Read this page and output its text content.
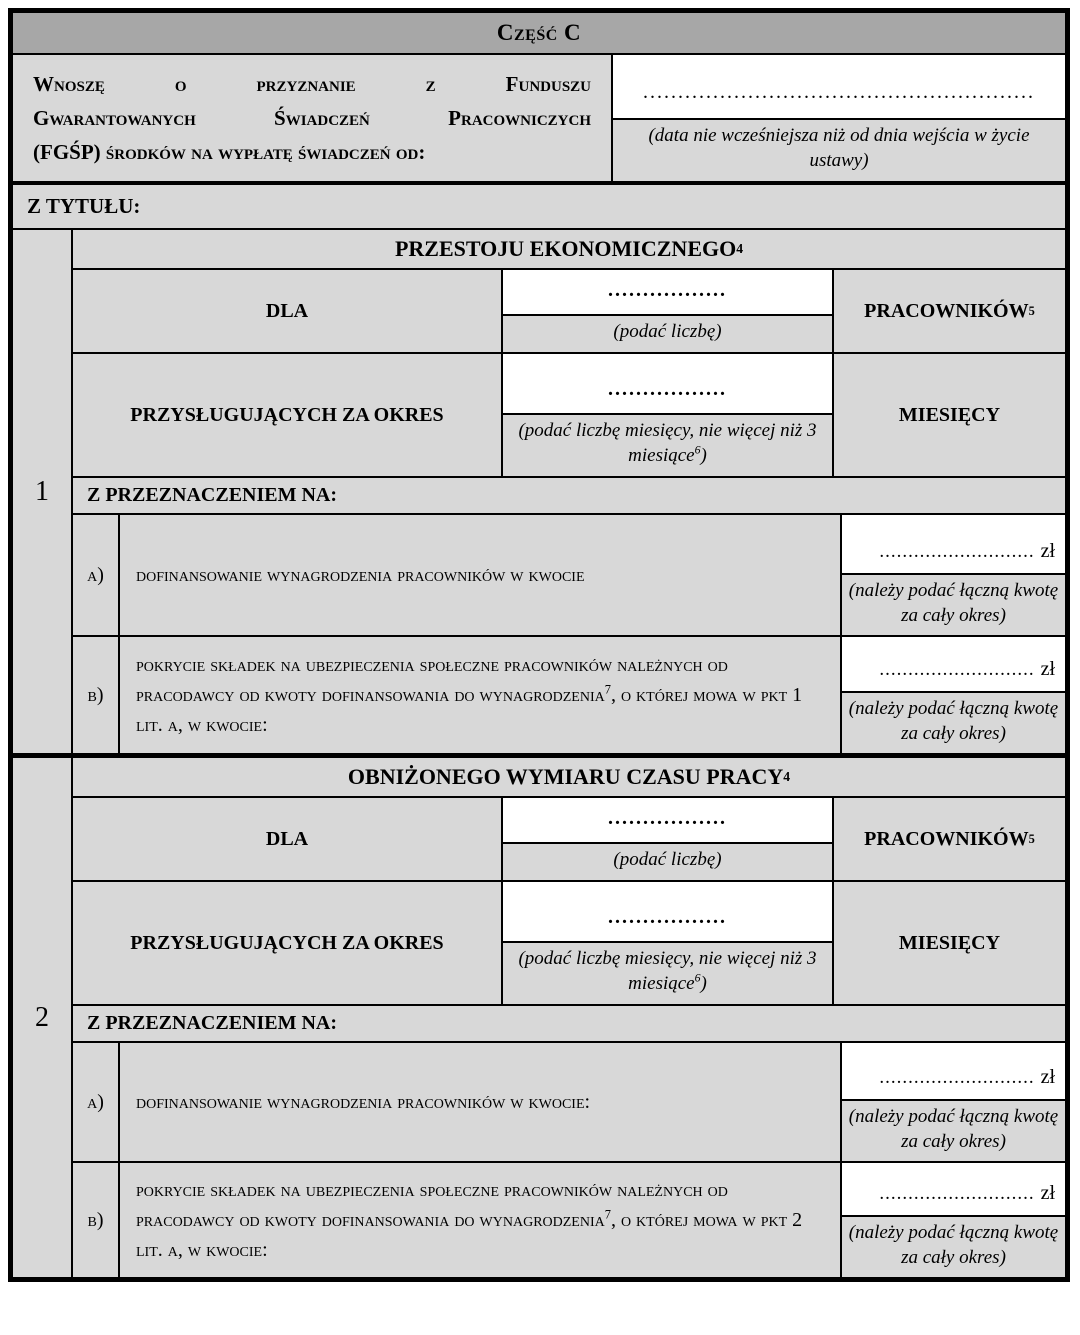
Część C
Wnoszę o przyznanie z Funduszu
Gwarantowanych Świadczeń Pracowniczych
(FGŚP) środków na wypłatę świadczeń od:
........................................................
(data nie wcześniejsza niż od dnia wejścia w życie ustawy)
Z TYTUŁU:
1
PRZESTOJU EKONOMICZNEGO 4
DLA
.................
(podać liczbę)
PRACOWNIKÓW 5
PRZYSŁUGUJĄCYCH ZA OKRES
.................
(podać liczbę miesięcy, nie więcej niż 3 miesiące$^6$)
MIESIĘCY
Z PRZEZNACZENIEM NA:
a)	dofinansowanie wynagrodzenia pracowników w kwocie
........................... zł
(należy podać łączną kwotę za cały okres)
b)
pokrycie składek na ubezpieczenia społeczne pracowników należnych od pracodawcy od kwoty dofinansowania do wynagrodzenia$^7$, o której mowa w pkt 1 lit. a, w kwocie:
........................... zł
(należy podać łączną kwotę za cały okres)
2
OBNIŻONEGO WYMIARU CZASU PRACY 4
DLA
.................
(podać liczbę)
PRACOWNIKÓW 5
PRZYSŁUGUJĄCYCH ZA OKRES
.................
(podać liczbę miesięcy, nie więcej niż 3 miesiące$^6$)
MIESIĘCY
Z PRZEZNACZENIEM NA:
a)	dofinansowanie wynagrodzenia pracowników w kwocie:
........................... zł
(należy podać łączną kwotę za cały okres)
b)
pokrycie składek na ubezpieczenia społeczne pracowników należnych od pracodawcy od kwoty dofinansowania do wynagrodzenia$^7$, o której mowa w pkt 2 lit. a, w kwocie:
........................... zł
(należy podać łączną kwotę za cały okres)
